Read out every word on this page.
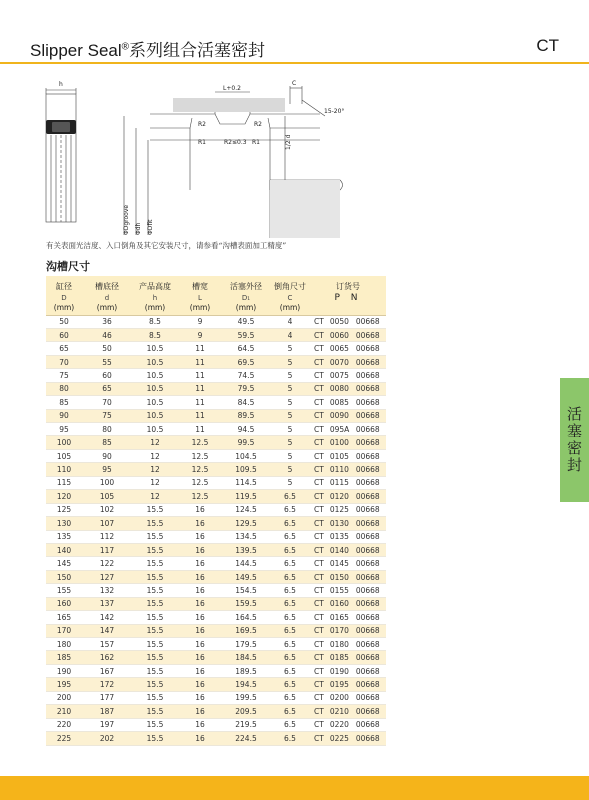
Slipper Seal®系列组合活塞密封	CT
h
L+0.2
C
15-20°
R2	R2
R1	R1
R2≤0.3	1/2 d
ΦDgroove Φdh ΦDfit
有关表面光洁度、入口倒角及其它安装尺寸，请参看“沟槽表面加工精度”
沟槽尺寸
活塞密封
缸径	槽底径	产品高度	槽宽	活塞外径	倒角尺寸	订货号
D	d	h	L	D₁	C	P N
(mm)	(mm)	(mm)	(mm)	(mm)	(mm)	
50	36	8.5	9	49.5	4	CT 0050 00668
60	46	8.5	9	59.5	4	CT 0060 00668
65	50	10.5	11	64.5	5	CT 0065 00668
70	55	10.5	11	69.5	5	CT 0070 00668
75	60	10.5	11	74.5	5	CT 0075 00668
80	65	10.5	11	79.5	5	CT 0080 00668
85	70	10.5	11	84.5	5	CT 0085 00668
90	75	10.5	11	89.5	5	CT 0090 00668
95	80	10.5	11	94.5	5	CT 095A 00668
100	85	12	12.5	99.5	5	CT 0100 00668
105	90	12	12.5	104.5	5	CT 0105 00668
110	95	12	12.5	109.5	5	CT 0110 00668
115	100	12	12.5	114.5	5	CT 0115 00668
120	105	12	12.5	119.5	6.5	CT 0120 00668
125	102	15.5	16	124.5	6.5	CT 0125 00668
130	107	15.5	16	129.5	6.5	CT 0130 00668
135	112	15.5	16	134.5	6.5	CT 0135 00668
140	117	15.5	16	139.5	6.5	CT 0140 00668
145	122	15.5	16	144.5	6.5	CT 0145 00668
150	127	15.5	16	149.5	6.5	CT 0150 00668
155	132	15.5	16	154.5	6.5	CT 0155 00668
160	137	15.5	16	159.5	6.5	CT 0160 00668
165	142	15.5	16	164.5	6.5	CT 0165 00668
170	147	15.5	16	169.5	6.5	CT 0170 00668
180	157	15.5	16	179.5	6.5	CT 0180 00668
185	162	15.5	16	184.5	6.5	CT 0185 00668
190	167	15.5	16	189.5	6.5	CT 0190 00668
195	172	15.5	16	194.5	6.5	CT 0195 00668
200	177	15.5	16	199.5	6.5	CT 0200 00668
210	187	15.5	16	209.5	6.5	CT 0210 00668
220	197	15.5	16	219.5	6.5	CT 0220 00668
225	202	15.5	16	224.5	6.5	CT 0225 00668
